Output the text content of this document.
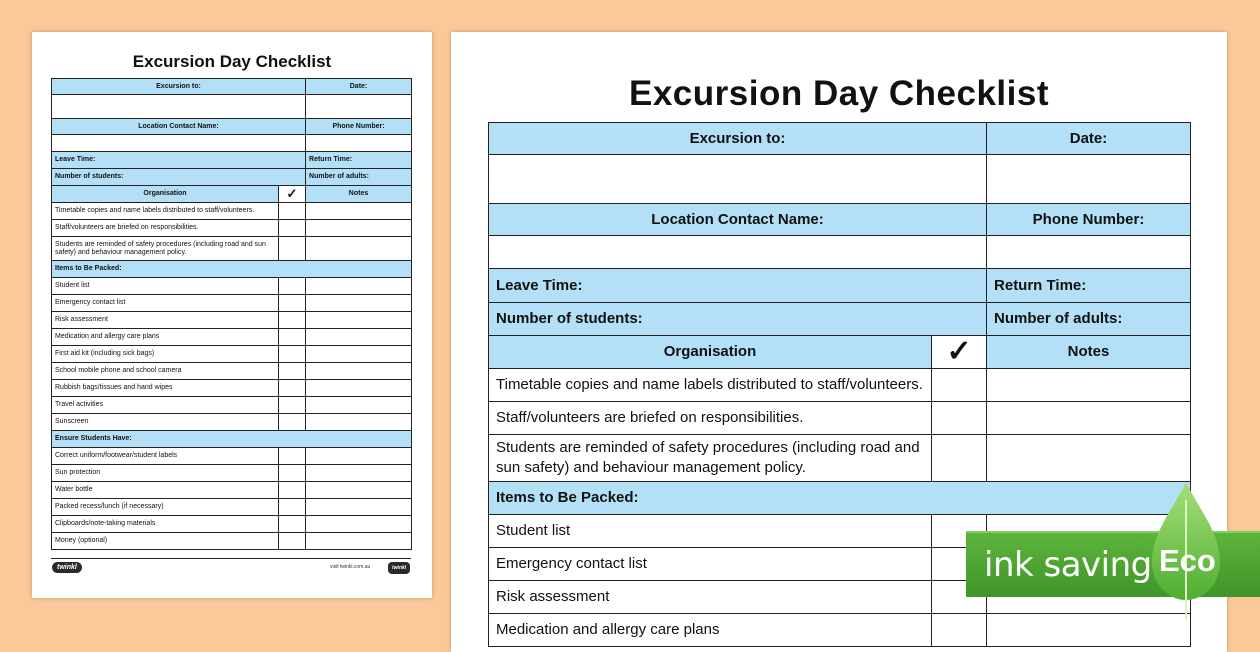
Excursion Day Checklist
Excursion to:		Date:

Location Contact Name:		Phone Number:

Leave Time:		Return Time:
Number of students:		Number of adults:
Organisation	✓	Notes
Timetable copies and name labels distributed to staff/volunteers.		
Staff/volunteers are briefed on responsibilities.		
Students are reminded of safety procedures (including road and sun safety) and behaviour management policy.		
Items to Be Packed:		
Student list		
Emergency contact list		
Risk assessment		
Medication and allergy care plans		
First aid kit (including sick bags)		
School mobile phone and school camera		
Rubbish bags/tissues and hand wipes		
Travel activities		
Sunscreen		
Ensure Students Have:		
Correct uniform/footwear/student labels		
Sun protection		
Water bottle		
Packed recess/lunch (if necessary)		
Clipboards/note-taking materials		
Money (optional)		
twinkl	visit twinkl.com.au	twinkl
Excursion Day Checklist
Excursion to:		Date:

Location Contact Name:		Phone Number:

Leave Time:		Return Time:
Number of students:		Number of adults:
Organisation	✓	Notes
Timetable copies and name labels distributed to staff/volunteers.		
Staff/volunteers are briefed on responsibilities.		
Students are reminded of safety procedures (including road and sun safety) and behaviour management policy.		
Items to Be Packed:		
Student list		
Emergency contact list		
Risk assessment		
Medication and allergy care plans		
ink saving Eco
